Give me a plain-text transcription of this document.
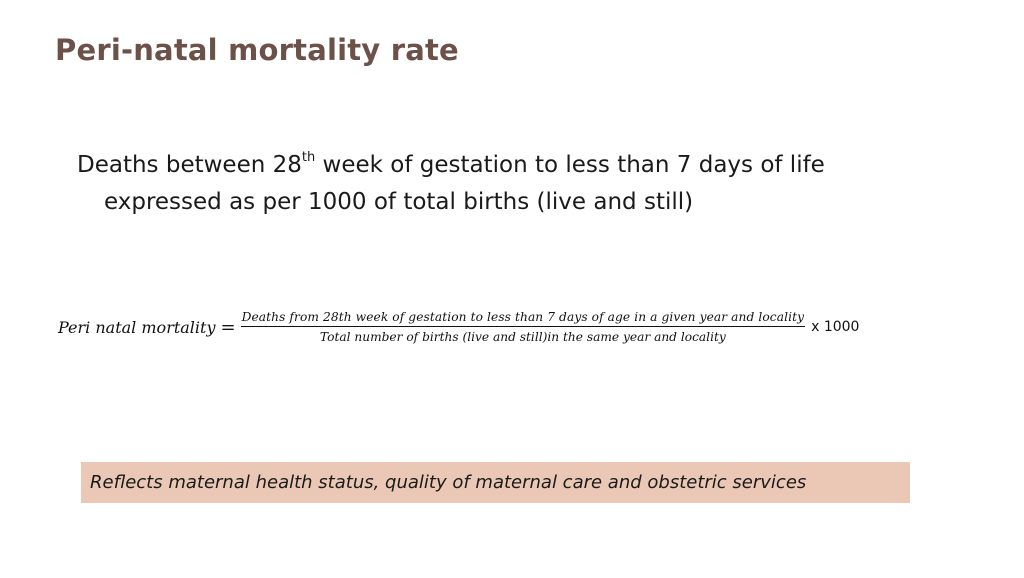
Peri-natal mortality rate
Deaths between 28th week of gestation to less than 7 days of life
expressed as per 1000 of total births (live and still)
Peri natal mortality = Deaths from 28th week of gestation to less than 7 days of age in a given year and locality
Total number of births (live and still)in the same year and locality
x 1000
Reflects maternal health status, quality of maternal care and obstetric services
